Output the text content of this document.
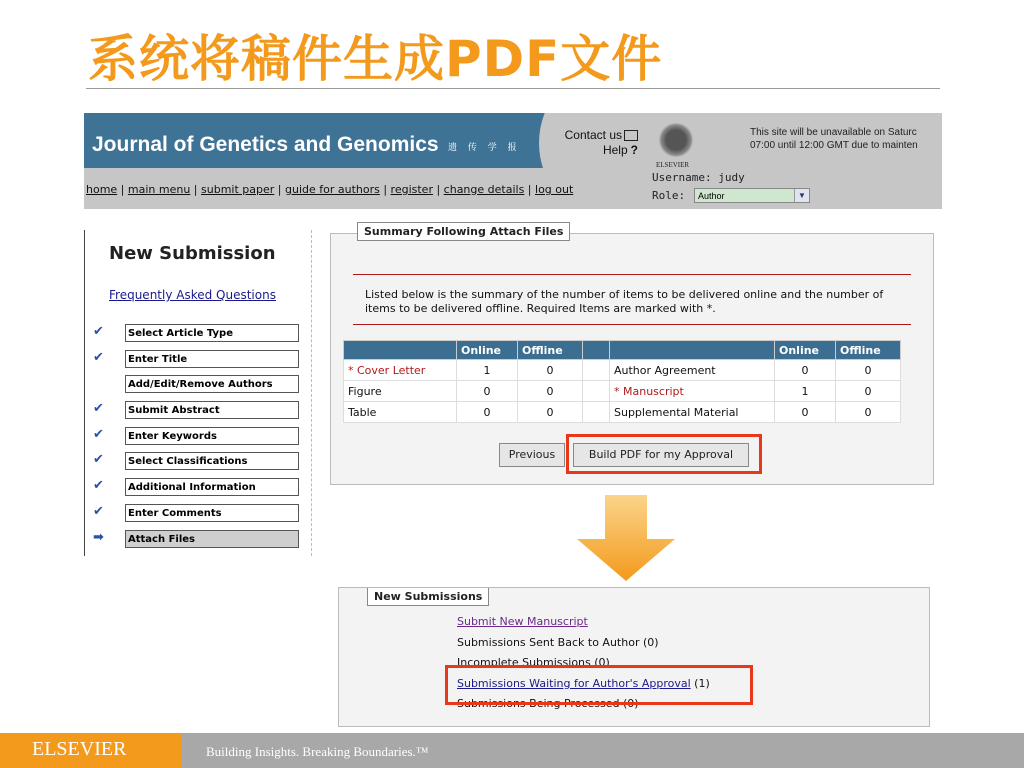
系统将稿件生成PDF文件
Journal of Genetics and Genomics 遗 传 学 报
Contact us
Help ?
ELSEVIER
This site will be unavailable on Saturc
07:00 until 12:00 GMT due to mainten
Username: judy
Role:	Author	▼
home | main menu | submit paper | guide for authors | register | change details | log out
New Submission
Frequently Asked Questions
✔	Select Article Type
✔	Enter Title
Add/Edit/Remove Authors
✔	Submit Abstract
✔	Enter Keywords
✔	Select Classifications
✔	Additional Information
✔	Enter Comments
➡	Attach Files
Summary Following Attach Files
Listed below is the summary of the number of items to be delivered online and the number of items to be delivered offline. Required Items are marked with *.
	Online	Offline			Online	Offline
* Cover Letter	1	0		Author Agreement	0	0
Figure	0	0		* Manuscript	1	0
Table	0	0		Supplemental Material	0	0
Previous	Build PDF for my Approval
New Submissions
Submit New Manuscript
Submissions Sent Back to Author (0)
Incomplete Submissions (0)
Submissions Waiting for Author's Approval (1)
Submissions Being Processed (0)
ELSEVIER	Building Insights. Breaking Boundaries.™
